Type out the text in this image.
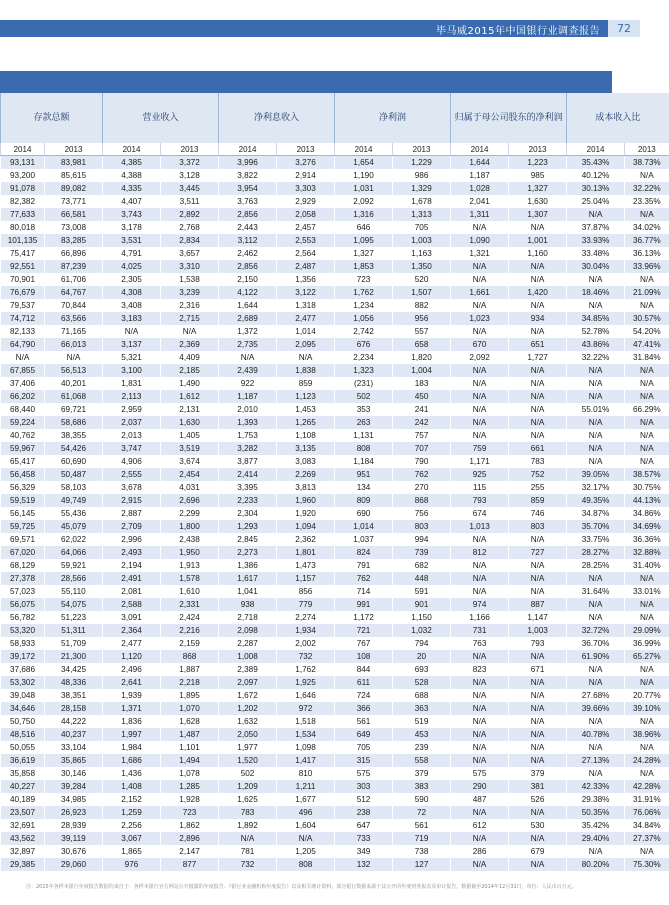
毕马威2015年中国银行业调查报告	72
存款总额		营业收入		净利息收入		净利润		归属于母公司股东的净利润		成本收入比	
2014	2013	2014	2013	2014	2013	2014	2013	2014	2013	2014	2013
93,131	83,981	4,385	3,372	3,996	3,276	1,654	1,229	1,644	1,223	35.43%	38.73%
93,200	85,615	4,388	3,128	3,822	2,914	1,190	986	1,187	985	40.12%	N/A
91,078	89,082	4,335	3,445	3,954	3,303	1,031	1,329	1,028	1,327	30.13%	32.22%
82,382	73,771	4,407	3,511	3,763	2,929	2,092	1,678	2,041	1,630	25.04%	23.35%
77,633	66,581	3,743	2,892	2,856	2,058	1,316	1,313	1,311	1,307	N/A	N/A
80,018	73,008	3,178	2,768	2,443	2,457	646	705	N/A	N/A	37.87%	34.02%
101,135	83,285	3,531	2,834	3,112	2,553	1,095	1,003	1,090	1,001	33.93%	36.77%
75,417	66,896	4,791	3,657	2,462	2,564	1,327	1,163	1,321	1,160	33.48%	36.13%
92,551	87,239	4,025	3,310	2,856	2,487	1,853	1,350	N/A	N/A	30.04%	33.96%
70,901	61,706	2,305	1,538	2,150	1,356	723	520	N/A	N/A	N/A	N/A
76,679	64,767	4,308	3,239	4,122	3,122	1,762	1,507	1,661	1,420	18.46%	21.09%
79,537	70,844	3,408	2,316	1,644	1,318	1,234	882	N/A	N/A	N/A	N/A
74,712	63,566	3,183	2,715	2,689	2,477	1,056	956	1,023	934	34.85%	30.57%
82,133	71,165	N/A	N/A	1,372	1,014	2,742	557	N/A	N/A	52.78%	54.20%
64,790	66,013	3,137	2,369	2,735	2,095	676	658	670	651	43.86%	47.41%
N/A	N/A	5,321	4,409	N/A	N/A	2,234	1,820	2,092	1,727	32.22%	31.84%
67,855	56,513	3,100	2,185	2,439	1,838	1,323	1,004	N/A	N/A	N/A	N/A
37,406	40,201	1,831	1,490	922	859	(231)	183	N/A	N/A	N/A	N/A
66,202	61,068	2,113	1,612	1,187	1,123	502	450	N/A	N/A	N/A	N/A
68,440	69,721	2,959	2,131	2,010	1,453	353	241	N/A	N/A	55.01%	66.29%
59,224	58,686	2,037	1,630	1,393	1,265	263	242	N/A	N/A	N/A	N/A
40,762	38,355	2,013	1,405	1,753	1,108	1,131	757	N/A	N/A	N/A	N/A
59,967	54,426	3,747	3,519	3,282	3,135	808	707	759	661	N/A	N/A
65,417	60,690	4,906	3,674	3,877	3,083	1,184	790	1,171	783	N/A	N/A
56,458	50,487	2,555	2,454	2,414	2,269	951	762	925	752	39.05%	38.57%
56,329	58,103	3,678	4,031	3,395	3,813	134	270	115	255	32.17%	30.75%
59,519	49,749	2,915	2,696	2,233	1,960	809	868	793	859	49.35%	44.13%
56,145	55,436	2,887	2,299	2,304	1,920	690	756	674	746	34.87%	34.86%
59,725	45,079	2,709	1,800	1,293	1,094	1,014	803	1,013	803	35.70%	34.69%
69,571	62,022	2,996	2,438	2,845	2,362	1,037	994	N/A	N/A	33.75%	36.36%
67,020	64,066	2,493	1,950	2,273	1,801	824	739	812	727	28.27%	32.88%
68,129	59,921	2,194	1,913	1,386	1,473	791	682	N/A	N/A	28.25%	31.40%
27,378	28,566	2,491	1,578	1,617	1,157	762	448	N/A	N/A	N/A	N/A
57,023	55,110	2,081	1,610	1,041	856	714	591	N/A	N/A	31.64%	33.01%
56,075	54,075	2,588	2,331	938	779	991	901	974	887	N/A	N/A
56,782	51,223	3,091	2,424	2,718	2,274	1,172	1,150	1,166	1,147	N/A	N/A
53,320	51,311	2,364	2,216	2,098	1,934	721	1,032	731	1,003	32.72%	29.09%
58,933	51,709	2,477	2,159	2,287	2,002	767	794	763	793	36.70%	36.99%
39,172	21,300	1,120	868	1,008	732	108	20	N/A	N/A	61.90%	65.27%
37,686	34,425	2,496	1,887	2,389	1,762	844	693	823	671	N/A	N/A
53,302	48,336	2,641	2,218	2,097	1,925	611	528	N/A	N/A	N/A	N/A
39,048	38,351	1,939	1,895	1,672	1,646	724	688	N/A	N/A	27.68%	20.77%
34,646	28,158	1,371	1,070	1,202	972	366	363	N/A	N/A	39.66%	39.10%
50,750	44,222	1,836	1,628	1,632	1,518	561	519	N/A	N/A	N/A	N/A
48,516	40,237	1,997	1,487	2,050	1,534	649	453	N/A	N/A	40.78%	38.96%
50,055	33,104	1,984	1,101	1,977	1,098	705	239	N/A	N/A	N/A	N/A
36,619	35,865	1,686	1,494	1,520	1,417	315	558	N/A	N/A	27.13%	24.28%
35,858	30,146	1,436	1,078	502	810	575	379	575	379	N/A	N/A
40,227	39,284	1,408	1,285	1,209	1,211	303	383	290	381	42.33%	42.28%
40,189	34,985	2,152	1,928	1,625	1,677	512	590	487	526	29.38%	31.91%
23,507	26,923	1,259	723	783	496	238	72	N/A	N/A	50.35%	76.06%
32,691	28,939	2,256	1,862	1,892	1,604	647	561	612	530	35.42%	34.84%
43,562	39,119	3,067	2,896	N/A	N/A	733	719	N/A	N/A	29.40%	27.37%
32,897	30,676	1,865	2,147	781	1,205	349	738	286	679	N/A	N/A
29,385	29,060	976	877	732	808	132	127	N/A	N/A	80.20%	75.30%
注：2015年各样本银行年度报告数据均来自于：各样本银行官方网站公开披露的年度报告、《银行业金融机构年度报告》以及相关统计资料。部分银行数据来源于其公开的年度财务报表及审计报告，数据截至2014年12月31日，单位：人民币百万元。
